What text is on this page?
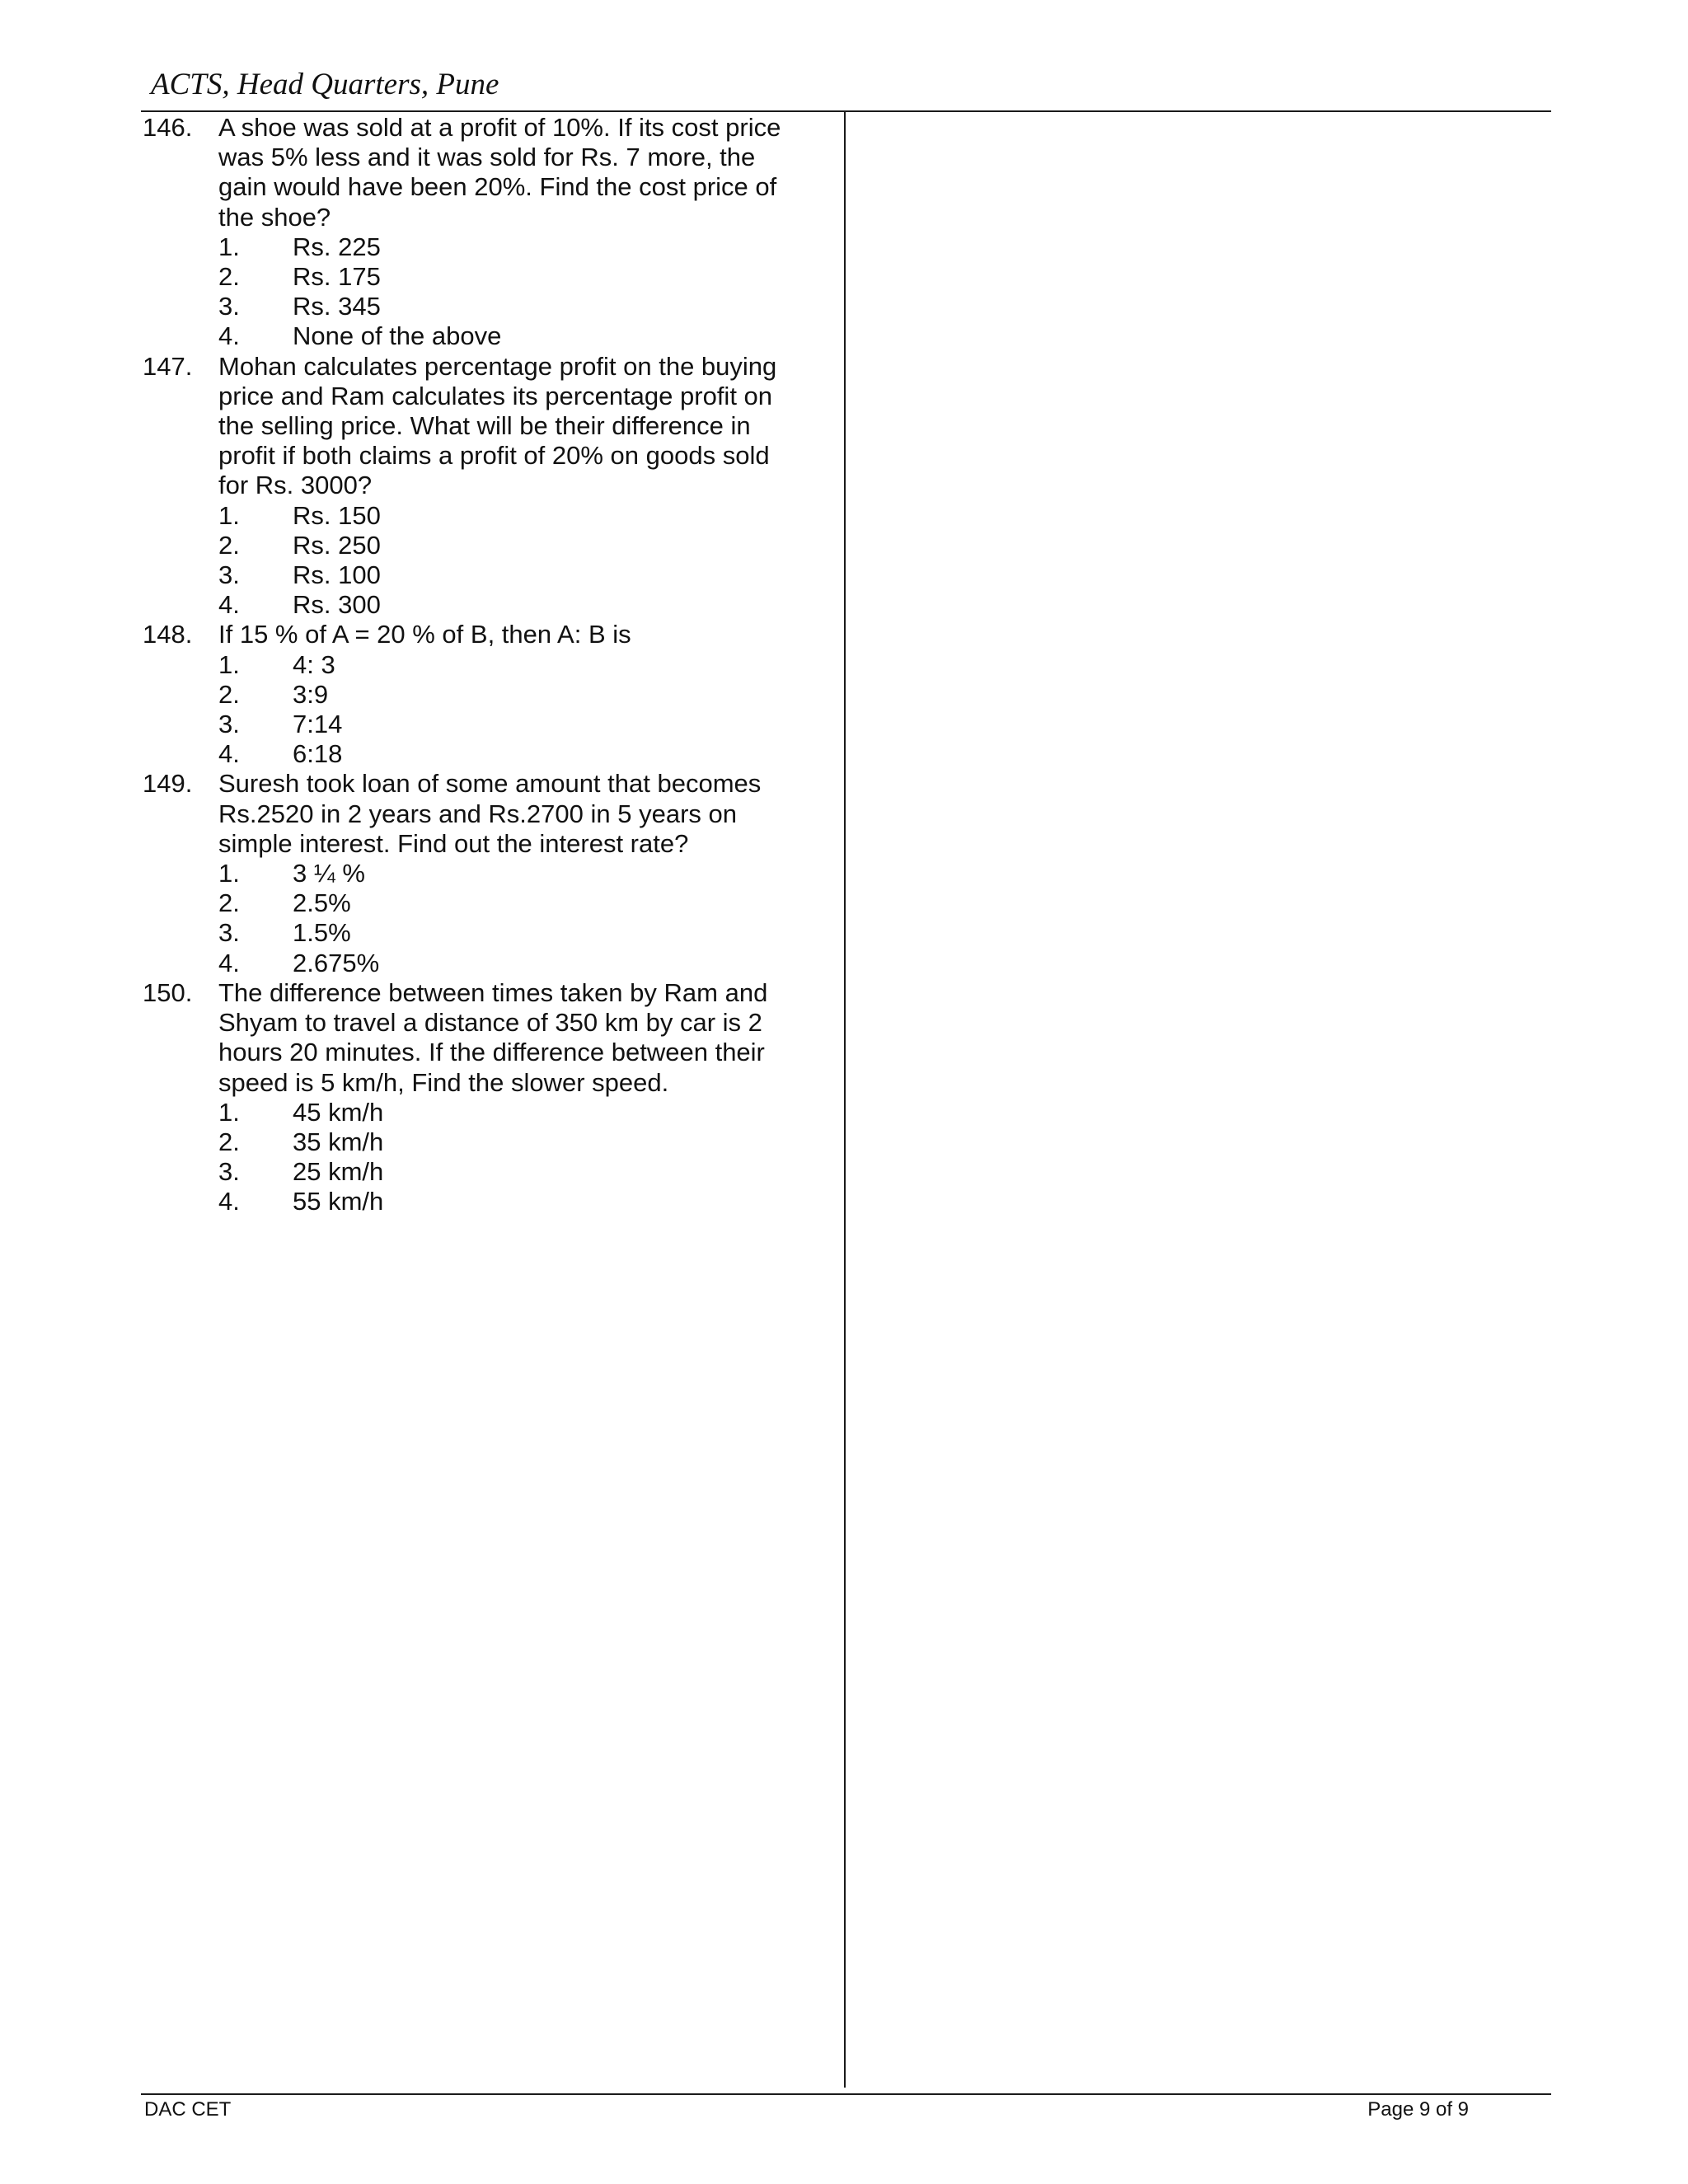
ACTS, Head Quarters, Pune
146. A shoe was sold at a profit of 10%. If its cost price
was 5% less and it was sold for Rs. 7 more, the
gain would have been 20%. Find the cost price of
the shoe?
1. Rs. 225
2. Rs. 175
3. Rs. 345
4. None of the above
147. Mohan calculates percentage profit on the buying
price and Ram calculates its percentage profit on
the selling price. What will be their difference in
profit if both claims a profit of 20% on goods sold
for Rs. 3000?
1. Rs. 150
2. Rs. 250
3. Rs. 100
4. Rs. 300
148. If 15 % of A = 20 % of B, then A: B is
1. 4: 3
2. 3:9
3. 7:14
4. 6:18
149. Suresh took loan of some amount that becomes
Rs.2520 in 2 years and Rs.2700 in 5 years on
simple interest. Find out the interest rate?
1. 3 ¼ %
2. 2.5%
3. 1.5%
4. 2.675%
150. The difference between times taken by Ram and
Shyam to travel a distance of 350 km by car is 2
hours 20 minutes. If the difference between their
speed is 5 km/h, Find the slower speed.
1. 45 km/h
2. 35 km/h
3. 25 km/h
4. 55 km/h
DAC CET	Page 9 of 9
